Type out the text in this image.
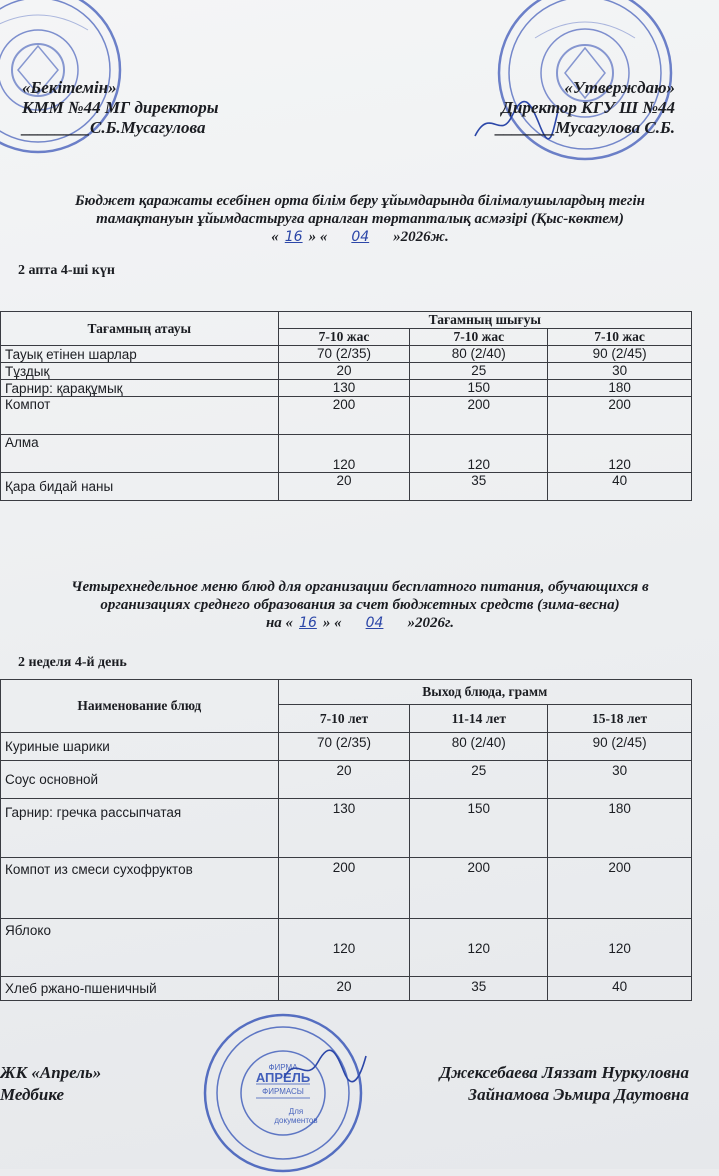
«Бекітемін»
КММ №44 МГ директоры
________С.Б.Мусагулова
«Утверждаю»
Директор КГУ Ш №44
_______Мусагулова С.Б.
Бюджет қаражаты есебінен орта білім беру ұйымдарында білімалушылардың тегін
тамақтануын ұйымдастыруға арналған төртапталық асмәзірі (Қыс-көктем)
« 16 » « 04 »2026ж.
2 апта 4-ші күн
Тағамның атауы	Тағамның шығуы		
	7-10 жас	7-10 жас	7-10 жас
Тауық етінен шарлар	70 (2/35)	80 (2/40)	90 (2/45)
Тұздық	20	25	30
Гарнир: қарақұмық	130	150	180
Компот	200	200	200
Алма	120	120	120
Қара бидай наны	20	35	40
Четырехнедельное меню блюд для организации бесплатного питания, обучающихся в
организациях среднего образования за счет бюджетных средств (зима-весна)
на « 16 » « 04 »2026г.
2 неделя 4-й день
Наименование блюд	Выход блюда, грамм		
	7-10 лет	11-14 лет	15-18 лет
Куриные шарики	70 (2/35)	80 (2/40)	90 (2/45)
Соус основной	20	25	30
Гарнир: гречка рассыпчатая	130	150	180
Компот из смеси сухофруктов	200	200	200
Яблоко	120	120	120
Хлеб ржано-пшеничный	20	35	40
ФИРМА
АПРЕЛЬ
ФИРМАСЫ
Для
документов
ЖК «Апрель»
Медбике
Джексебаева Ляззат Нуркуловна
Зайнамова Эьмира Даутовна
